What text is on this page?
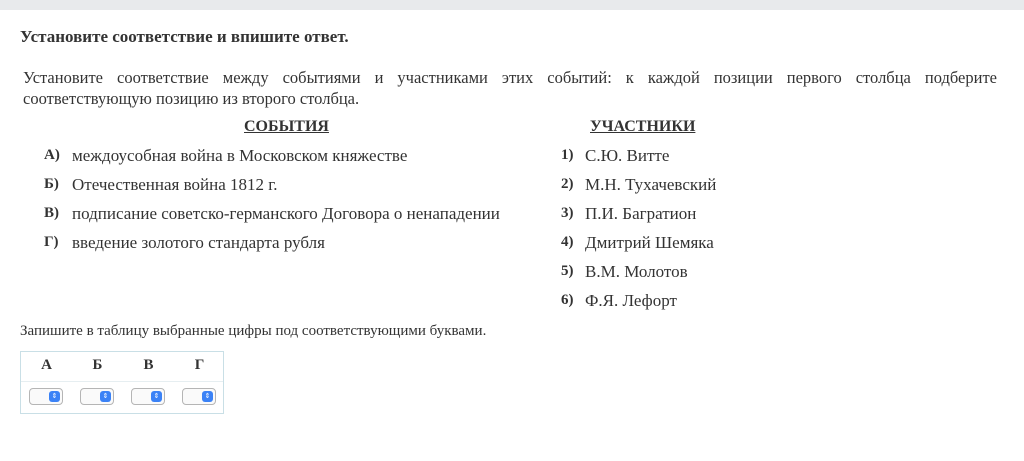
Установите соответствие и впишите ответ.
Установите соответствие между событиями и участниками этих событий: к каждой позиции первого столбца подберите соответствующую позицию из второго столбца.
СОБЫТИЯ	УЧАСТНИКИ
А) междоусобная война в Московском княжестве
Б) Отечественная война 1812 г.
В) подписание советско-германского Договора о ненападении
Г) введение золотого стандарта рубля
1) С.Ю. Витте
2) М.Н. Тухачевский
3) П.И. Багратион
4) Дмитрий Шемяка
5) В.М. Молотов
6) Ф.Я. Лефорт
Запишите в таблицу выбранные цифры под соответствующими буквами.
А
⇕
Б
⇕
В
⇕
Г
⇕
